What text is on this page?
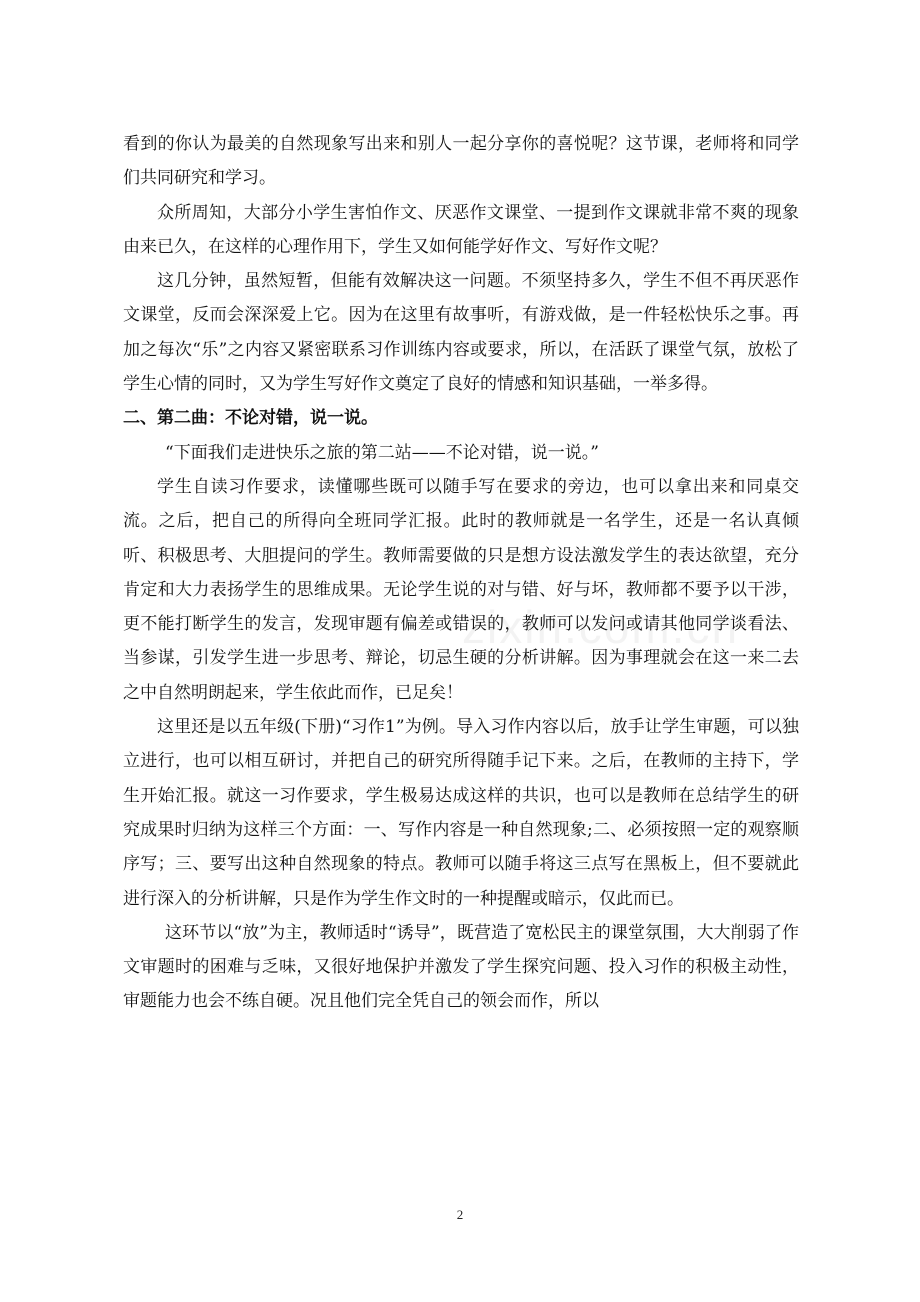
看到的你认为最美的自然现象写出来和别人一起分享你的喜悦呢？这节课，老师将和同学们共同研究和学习。

众所周知，大部分小学生害怕作文、厌恶作文课堂、一提到作文课就非常不爽的现象由来已久，在这样的心理作用下，学生又如何能学好作文、写好作文呢？

这几分钟，虽然短暂，但能有效解决这一问题。不须坚持多久，学生不但不再厌恶作文课堂，反而会深深爱上它。因为在这里有故事听，有游戏做，是一件轻松快乐之事。再加之每次“乐”之内容又紧密联系习作训练内容或要求，所以，在活跃了课堂气氛，放松了学生心情的同时，又为学生写好作文奠定了良好的情感和知识基础，一举多得。

二、第二曲：不论对错，说一说。

“下面我们走进快乐之旅的第二站——不论对错，说一说。”

学生自读习作要求，读懂哪些既可以随手写在要求的旁边，也可以拿出来和同桌交流。之后，把自己的所得向全班同学汇报。此时的教师就是一名学生，还是一名认真倾听、积极思考、大胆提问的学生。教师需要做的只是想方设法激发学生的表达欲望，充分肯定和大力表扬学生的思维成果。无论学生说的对与错、好与坏，教师都不要予以干涉，更不能打断学生的发言，发现审题有偏差或错误的，教师可以发问或请其他同学谈看法、当参谋，引发学生进一步思考、辩论，切忌生硬的分析讲解。因为事理就会在这一来二去之中自然明朗起来，学生依此而作，已足矣！

这里还是以五年级(下册)“习作1”为例。导入习作内容以后，放手让学生审题，可以独立进行，也可以相互研讨，并把自己的研究所得随手记下来。之后，在教师的主持下，学生开始汇报。就这一习作要求，学生极易达成这样的共识，也可以是教师在总结学生的研究成果时归纳为这样三个方面：一、写作内容是一种自然现象;二、必须按照一定的观察顺序写；三、要写出这种自然现象的特点。教师可以随手将这三点写在黑板上，但不要就此进行深入的分析讲解，只是作为学生作文时的一种提醒或暗示，仅此而已。

这环节以“放”为主，教师适时“诱导”，既营造了宽松民主的课堂氛围，大大削弱了作文审题时的困难与乏味，又很好地保护并激发了学生探究问题、投入习作的积极主动性，审题能力也会不练自硬。况且他们完全凭自己的领会而作，所以

2
